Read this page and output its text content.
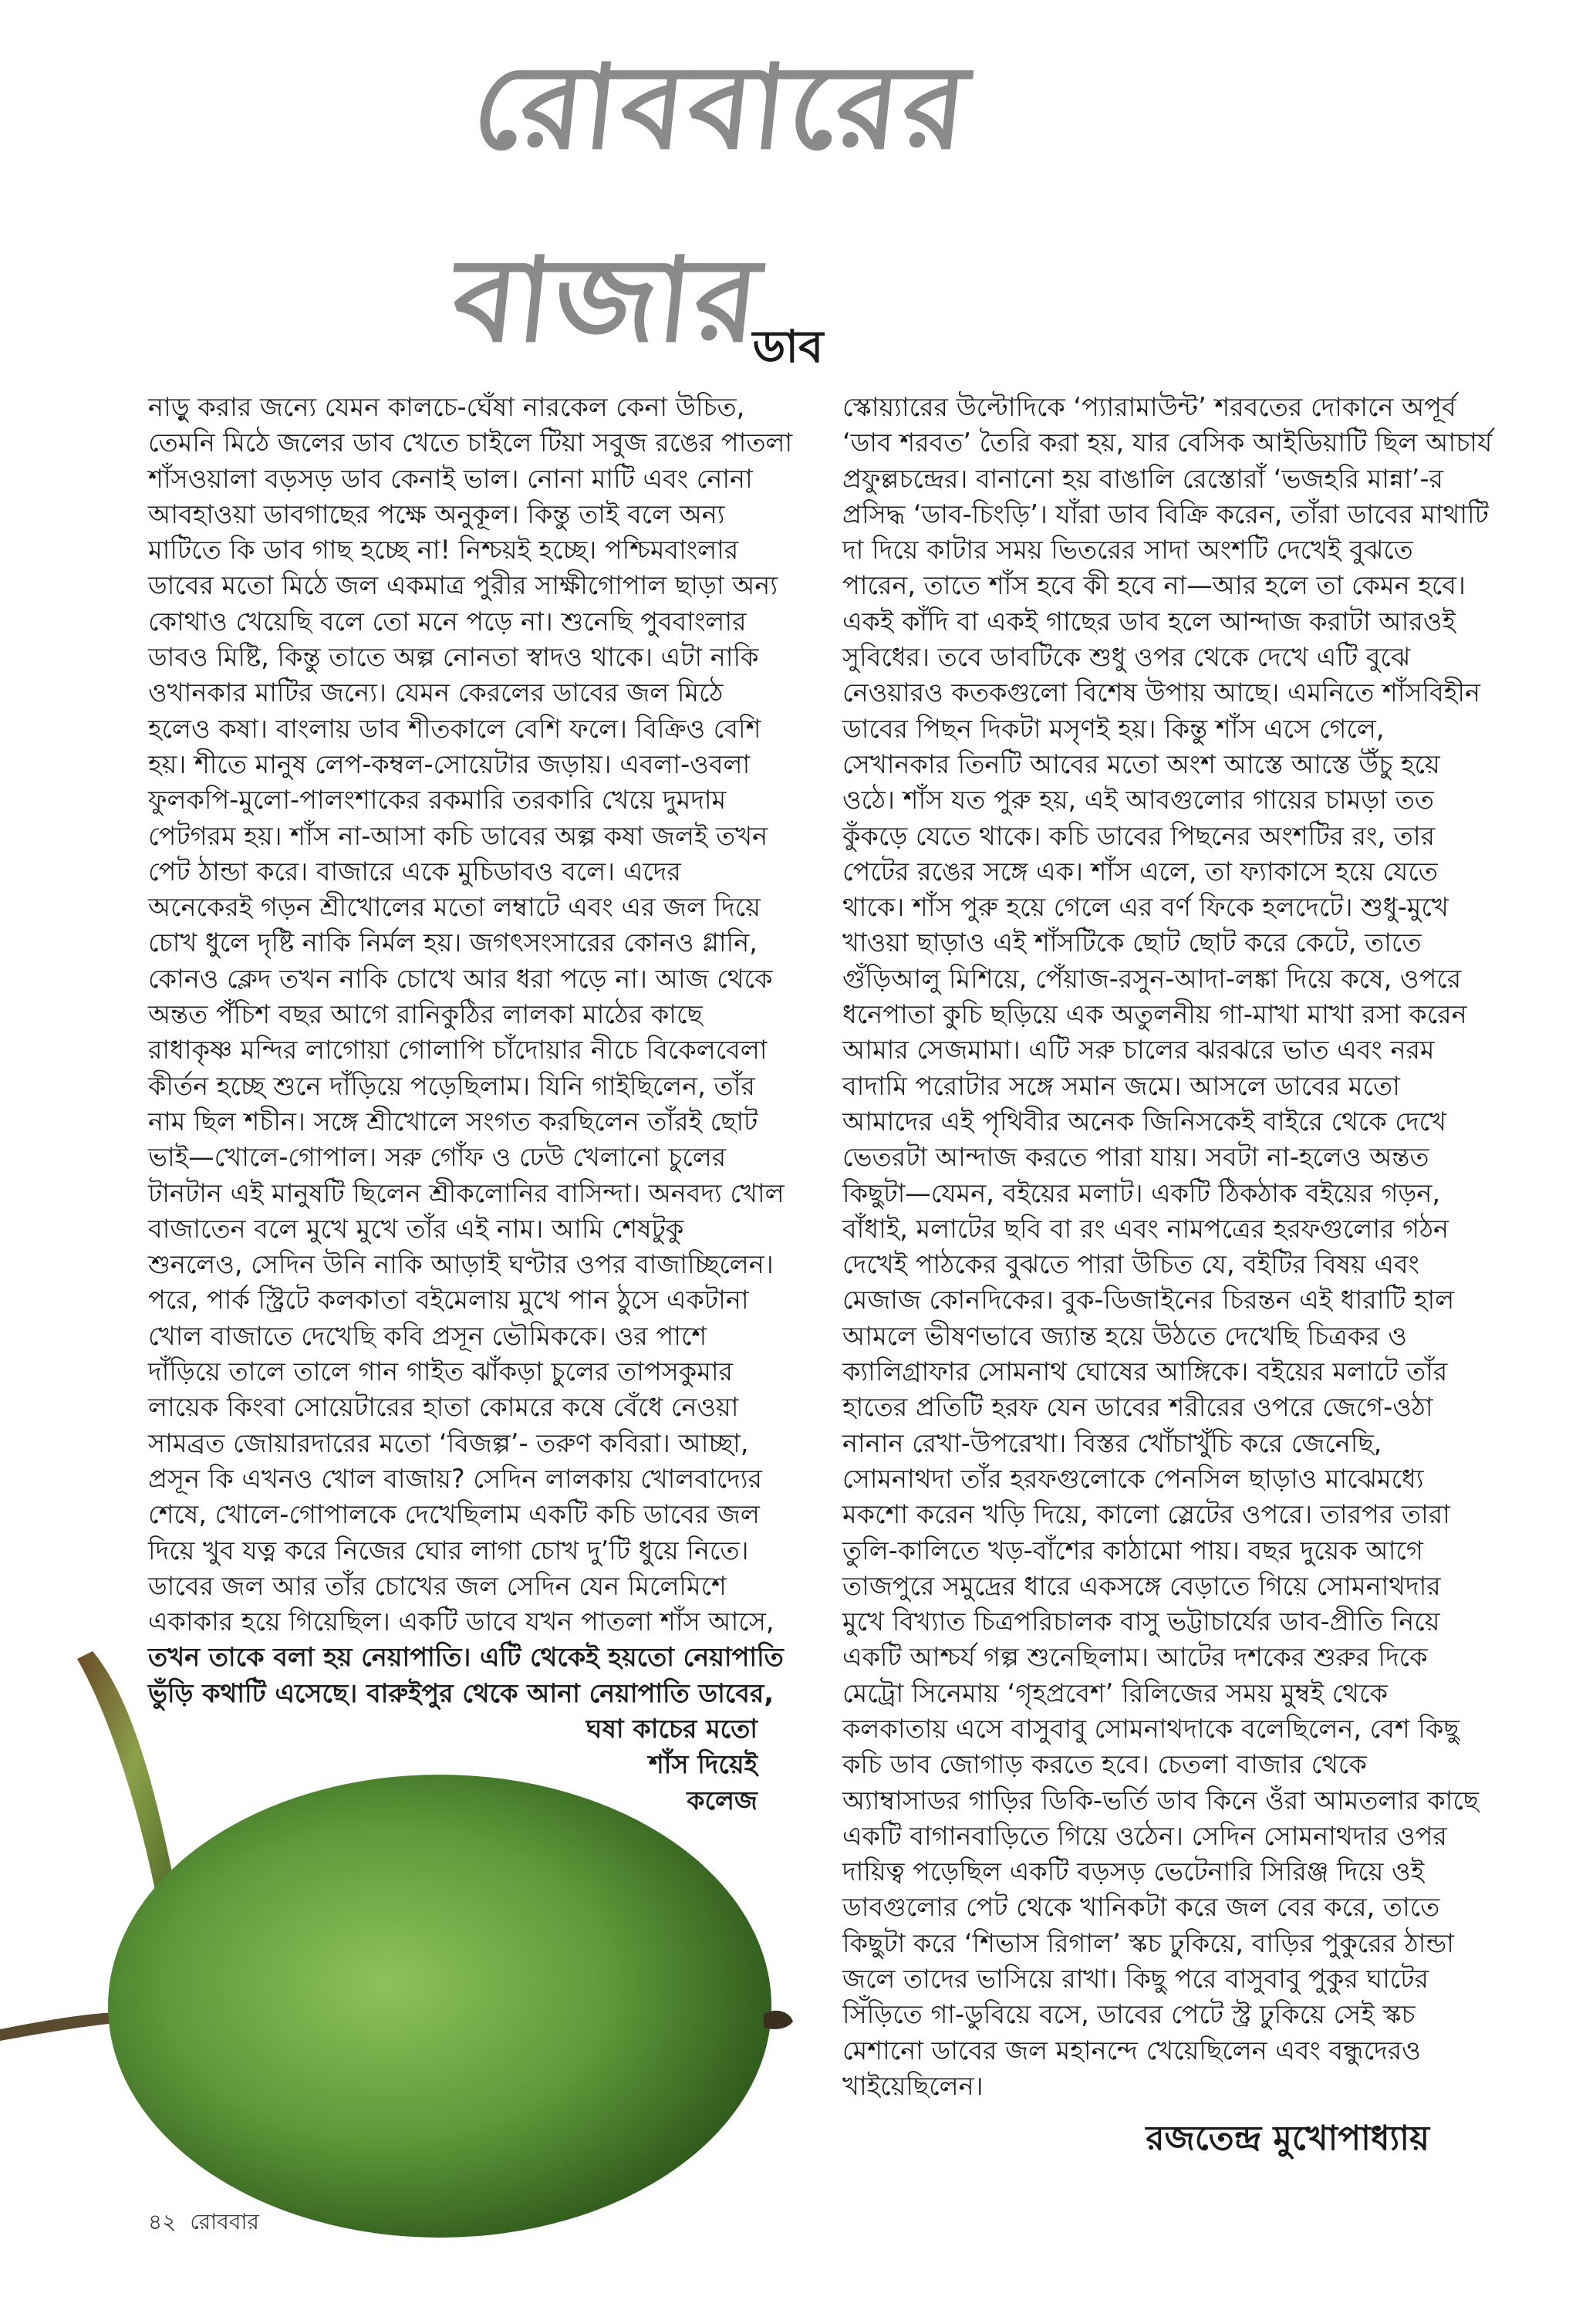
রোববারের বাজার
ডাব
নাড়ু করার জন্যে যেমন কালচে-ঘেঁষা নারকেল কেনা উচিত,
তেমনি মিঠে জলের ডাব খেতে চাইলে টিয়া সবুজ রঙের পাতলা
শাঁসওয়ালা বড়সড় ডাব কেনাই ভাল। নোনা মাটি এবং নোনা
আবহাওয়া ডাবগাছের পক্ষে অনুকূল। কিন্তু তাই বলে অন্য
মাটিতে কি ডাব গাছ হচ্ছে না! নিশ্চয়ই হচ্ছে। পশ্চিমবাংলার
ডাবের মতো মিঠে জল একমাত্র পুরীর সাক্ষীগোপাল ছাড়া অন্য
কোথাও খেয়েছি বলে তো মনে পড়ে না। শুনেছি পুববাংলার
ডাবও মিষ্টি, কিন্তু তাতে অল্প নোনতা স্বাদও থাকে। এটা নাকি
ওখানকার মাটির জন্যে। যেমন কেরলের ডাবের জল মিঠে
হলেও কষা। বাংলায় ডাব শীতকালে বেশি ফলে। বিক্রিও বেশি
হয়। শীতে মানুষ লেপ-কম্বল-সোয়েটার জড়ায়। এবলা-ওবলা
ফুলকপি-মুলো-পালংশাকের রকমারি তরকারি খেয়ে দুমদাম
পেটগরম হয়। শাঁস না-আসা কচি ডাবের অল্প কষা জলই তখন
পেট ঠান্ডা করে। বাজারে একে মুচিডাবও বলে। এদের
অনেকেরই গড়ন শ্রীখোলের মতো লম্বাটে এবং এর জল দিয়ে
চোখ ধুলে দৃষ্টি নাকি নির্মল হয়। জগৎসংসারের কোনও গ্লানি,
কোনও ক্লেদ তখন নাকি চোখে আর ধরা পড়ে না। আজ থেকে
অন্তত পঁচিশ বছর আগে রানিকুঠির লালকা মাঠের কাছে
রাধাকৃষ্ণ মন্দির লাগোয়া গোলাপি চাঁদোয়ার নীচে বিকেলবেলা
কীর্তন হচ্ছে শুনে দাঁড়িয়ে পড়েছিলাম। যিনি গাইছিলেন, তাঁর
নাম ছিল শচীন। সঙ্গে শ্রীখোলে সংগত করছিলেন তাঁরই ছোট
ভাই—খোলে-গোপাল। সরু গোঁফ ও ঢেউ খেলানো চুলের
টানটান এই মানুষটি ছিলেন শ্রীকলোনির বাসিন্দা। অনবদ্য খোল
বাজাতেন বলে মুখে মুখে তাঁর এই নাম। আমি শেষটুকু
শুনলেও, সেদিন উনি নাকি আড়াই ঘণ্টার ওপর বাজাচ্ছিলেন।
পরে, পার্ক স্ট্রিটে কলকাতা বইমেলায় মুখে পান ঠুসে একটানা
খোল বাজাতে দেখেছি কবি প্রসূন ভৌমিককে। ওর পাশে
দাঁড়িয়ে তালে তালে গান গাইত ঝাঁকড়া চুলের তাপসকুমার
লায়েক কিংবা সোয়েটারের হাতা কোমরে কষে বেঁধে নেওয়া
সামব্রত জোয়ারদারের মতো ‘বিজল্প’- তরুণ কবিরা। আচ্ছা,
প্রসূন কি এখনও খোল বাজায়? সেদিন লালকায় খোলবাদ্যের
শেষে, খোলে-গোপালকে দেখেছিলাম একটি কচি ডাবের জল
দিয়ে খুব যত্ন করে নিজের ঘোর লাগা চোখ দু’টি ধুয়ে নিতে।
ডাবের জল আর তাঁর চোখের জল সেদিন যেন মিলেমিশে
একাকার হয়ে গিয়েছিল। একটি ডাবে যখন পাতলা শাঁস আসে,
তখন তাকে বলা হয় নেয়াপাতি। এটি থেকেই হয়তো নেয়াপাতি
ভুঁড়ি কথাটি এসেছে। বারুইপুর থেকে আনা নেয়াপাতি ডাবের,
ঘষা কাচের মতো
শাঁস দিয়েই
কলেজ
স্কোয়্যারের উল্টোদিকে ‘প্যারামাউন্ট’ শরবতের দোকানে অপূর্ব
‘ডাব শরবত’ তৈরি করা হয়, যার বেসিক আইডিয়াটি ছিল আচার্য
প্রফুল্লচন্দ্রের। বানানো হয় বাঙালি রেস্তোরাঁ ‘ভজহরি মান্না’-র
প্রসিদ্ধ ‘ডাব-চিংড়ি’। যাঁরা ডাব বিক্রি করেন, তাঁরা ডাবের মাথাটি
দা দিয়ে কাটার সময় ভিতরের সাদা অংশটি দেখেই বুঝতে
পারেন, তাতে শাঁস হবে কী হবে না—আর হলে তা কেমন হবে।
একই কাঁদি বা একই গাছের ডাব হলে আন্দাজ করাটা আরওই
সুবিধের। তবে ডাবটিকে শুধু ওপর থেকে দেখে এটি বুঝে
নেওয়ারও কতকগুলো বিশেষ উপায় আছে। এমনিতে শাঁসবিহীন
ডাবের পিছন দিকটা মসৃণই হয়। কিন্তু শাঁস এসে গেলে,
সেখানকার তিনটি আবের মতো অংশ আস্তে আস্তে উঁচু হয়ে
ওঠে। শাঁস যত পুরু হয়, এই আবগুলোর গায়ের চামড়া তত
কুঁকড়ে যেতে থাকে। কচি ডাবের পিছনের অংশটির রং, তার
পেটের রঙের সঙ্গে এক। শাঁস এলে, তা ফ্যাকাসে হয়ে যেতে
থাকে। শাঁস পুরু হয়ে গেলে এর বর্ণ ফিকে হলদেটে। শুধু-মুখে
খাওয়া ছাড়াও এই শাঁসটিকে ছোট ছোট করে কেটে, তাতে
গুঁড়িআলু মিশিয়ে, পেঁয়াজ-রসুন-আদা-লঙ্কা দিয়ে কষে, ওপরে
ধনেপাতা কুচি ছড়িয়ে এক অতুলনীয় গা-মাখা মাখা রসা করেন
আমার সেজমামা। এটি সরু চালের ঝরঝরে ভাত এবং নরম
বাদামি পরোটার সঙ্গে সমান জমে। আসলে ডাবের মতো
আমাদের এই পৃথিবীর অনেক জিনিসকেই বাইরে থেকে দেখে
ভেতরটা আন্দাজ করতে পারা যায়। সবটা না-হলেও অন্তত
কিছুটা—যেমন, বইয়ের মলাট। একটি ঠিকঠাক বইয়ের গড়ন,
বাঁধাই, মলাটের ছবি বা রং এবং নামপত্রের হরফগুলোর গঠন
দেখেই পাঠকের বুঝতে পারা উচিত যে, বইটির বিষয় এবং
মেজাজ কোনদিকের। বুক-ডিজাইনের চিরন্তন এই ধারাটি হাল
আমলে ভীষণভাবে জ্যান্ত হয়ে উঠতে দেখেছি চিত্রকর ও
ক্যালিগ্রাফার সোমনাথ ঘোষের আঙ্গিকে। বইয়ের মলাটে তাঁর
হাতের প্রতিটি হরফ যেন ডাবের শরীরের ওপরে জেগে-ওঠা
নানান রেখা-উপরেখা। বিস্তর খোঁচাখুঁচি করে জেনেছি,
সোমনাথদা তাঁর হরফগুলোকে পেনসিল ছাড়াও মাঝেমধ্যে
মকশো করেন খড়ি দিয়ে, কালো স্লেটের ওপরে। তারপর তারা
তুলি-কালিতে খড়-বাঁশের কাঠামো পায়। বছর দুয়েক আগে
তাজপুরে সমুদ্রের ধারে একসঙ্গে বেড়াতে গিয়ে সোমনাথদার
মুখে বিখ্যাত চিত্রপরিচালক বাসু ভট্টাচার্যের ডাব-প্রীতি নিয়ে
একটি আশ্চর্য গল্প শুনেছিলাম। আটের দশকের শুরুর দিকে
মেট্রো সিনেমায় ‘গৃহপ্রবেশ’ রিলিজের সময় মুম্বই থেকে
কলকাতায় এসে বাসুবাবু সোমনাথদাকে বলেছিলেন, বেশ কিছু
কচি ডাব জোগাড় করতে হবে। চেতলা বাজার থেকে
অ্যাম্বাসাডর গাড়ির ডিকি-ভর্তি ডাব কিনে ওঁরা আমতলার কাছে
একটি বাগানবাড়িতে গিয়ে ওঠেন। সেদিন সোমনাথদার ওপর
দায়িত্ব পড়েছিল একটি বড়সড় ভেটেনারি সিরিঞ্জ দিয়ে ওই
ডাবগুলোর পেট থেকে খানিকটা করে জল বের করে, তাতে
কিছুটা করে ‘শিভাস রিগাল’ স্কচ ঢুকিয়ে, বাড়ির পুকুরের ঠান্ডা
জলে তাদের ভাসিয়ে রাখা। কিছু পরে বাসুবাবু পুকুর ঘাটের
সিঁড়িতে গা-ডুবিয়ে বসে, ডাবের পেটে স্ট্র ঢুকিয়ে সেই স্কচ
মেশানো ডাবের জল মহানন্দে খেয়েছিলেন এবং বন্ধুদেরও
খাইয়েছিলেন।
রজতেন্দ্র মুখোপাধ্যায়
৪২ রোববার
